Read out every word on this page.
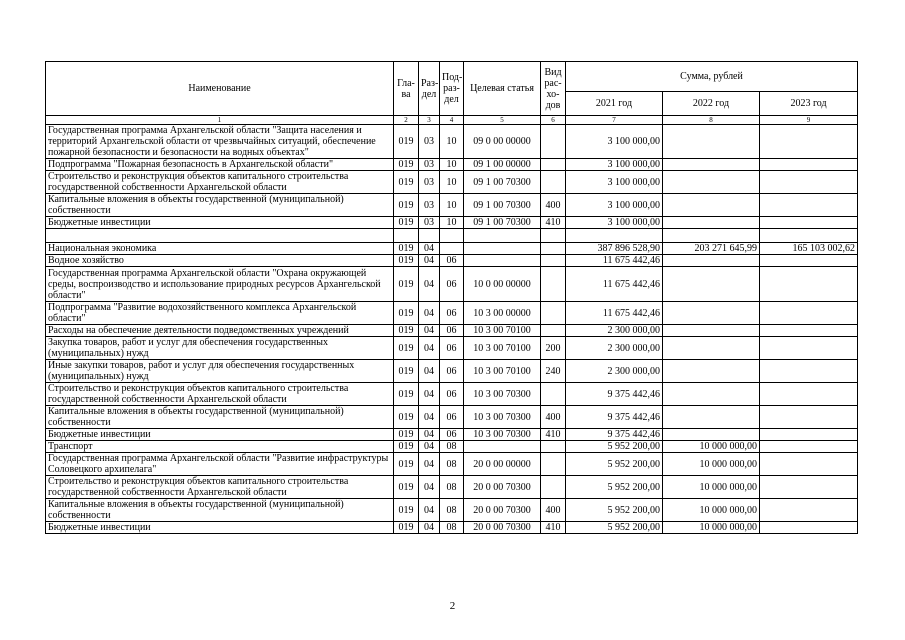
Наименование	Гла-ва	Раз-дел	Под-раз-дел	Целевая статья	Вид рас-хо-дов	Сумма, рублей		
						2021 год	2022 год	2023 год
1	2	3	4	5	6	7	8	9
Государственная программа Архангельской области "Защита населения и территорий Архангельской области от чрезвычайных ситуаций, обеспечение пожарной безопасности и безопасности на водных объектах"	019	03	10	09 0 00 00000		3 100 000,00		
Подпрограмма "Пожарная безопасность в Архангельской области"	019	03	10	09 1 00 00000		3 100 000,00		
Строительство и реконструкция объектов капитального строительства государственной собственности Архангельской области	019	03	10	09 1 00 70300		3 100 000,00		
Капитальные вложения в объекты государственной (муниципальной) собственности	019	03	10	09 1 00 70300	400	3 100 000,00		
Бюджетные инвестиции	019	03	10	09 1 00 70300	410	3 100 000,00		

Национальная экономика	019	04				387 896 528,90	203 271 645,99	165 103 002,62
Водное хозяйство	019	04	06			11 675 442,46		
Государственная программа Архангельской области "Охрана окружающей среды, воспроизводство и использование природных ресурсов Архангельской области"	019	04	06	10 0 00 00000		11 675 442,46		
Подпрограмма "Развитие водохозяйственного комплекса Архангельской области"	019	04	06	10 3 00 00000		11 675 442,46		
Расходы на обеспечение деятельности подведомственных учреждений	019	04	06	10 3 00 70100		2 300 000,00		
Закупка товаров, работ и услуг для обеспечения государственных (муниципальных) нужд	019	04	06	10 3 00 70100	200	2 300 000,00		
Иные закупки товаров, работ и услуг для обеспечения государственных (муниципальных) нужд	019	04	06	10 3 00 70100	240	2 300 000,00		
Строительство и реконструкция объектов капитального строительства государственной собственности Архангельской области	019	04	06	10 3 00 70300		9 375 442,46		
Капитальные вложения в объекты государственной (муниципальной) собственности	019	04	06	10 3 00 70300	400	9 375 442,46		
Бюджетные инвестиции	019	04	06	10 3 00 70300	410	9 375 442,46		
Транспорт	019	04	08			5 952 200,00	10 000 000,00	
Государственная программа Архангельской области "Развитие инфраструктуры Соловецкого архипелага"	019	04	08	20 0 00 00000		5 952 200,00	10 000 000,00	
Строительство и реконструкция объектов капитального строительства государственной собственности Архангельской области	019	04	08	20 0 00 70300		5 952 200,00	10 000 000,00	
Капитальные вложения в объекты государственной (муниципальной) собственности	019	04	08	20 0 00 70300	400	5 952 200,00	10 000 000,00	
Бюджетные инвестиции	019	04	08	20 0 00 70300	410	5 952 200,00	10 000 000,00	
2
